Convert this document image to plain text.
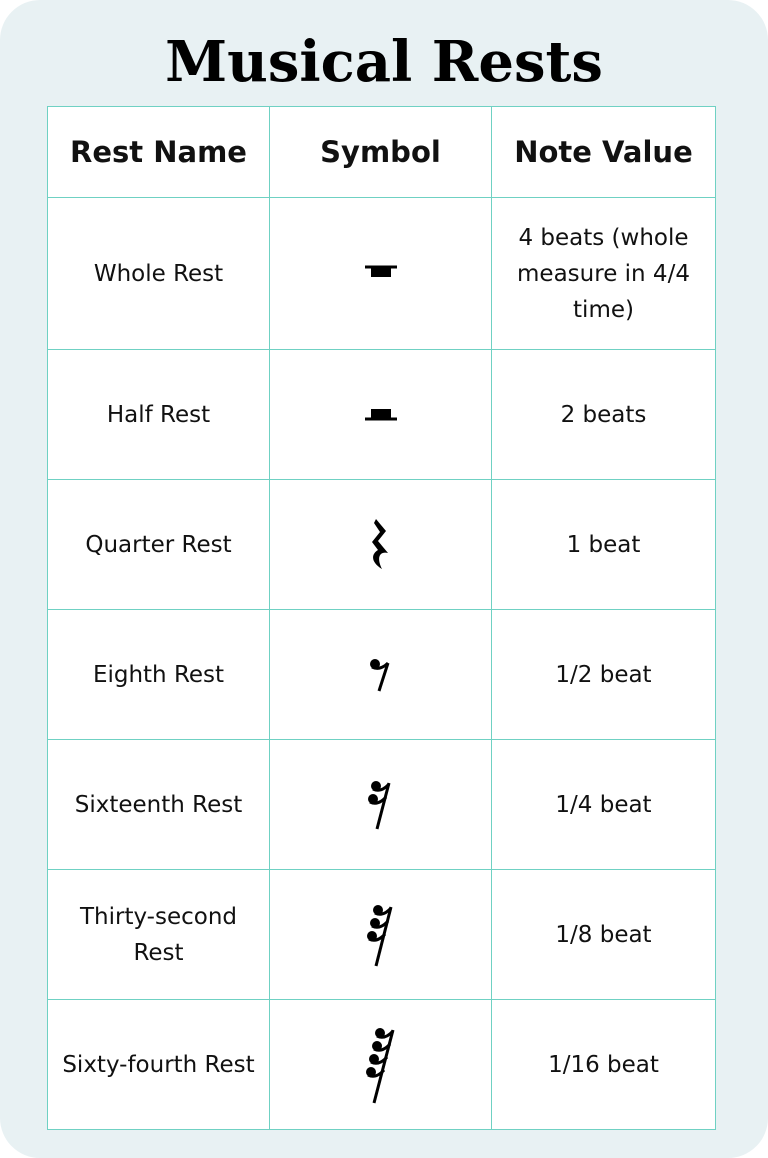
Musical Rests
Rest Name	Symbol	Note Value
Whole Rest		4 beats (whole measure in 4/4 time)
Half Rest		2 beats
Quarter Rest		1 beat
Eighth Rest		1/2 beat
Sixteenth Rest		1/4 beat
Thirty-second Rest		1/8 beat
Sixty-fourth Rest		1/16 beat
